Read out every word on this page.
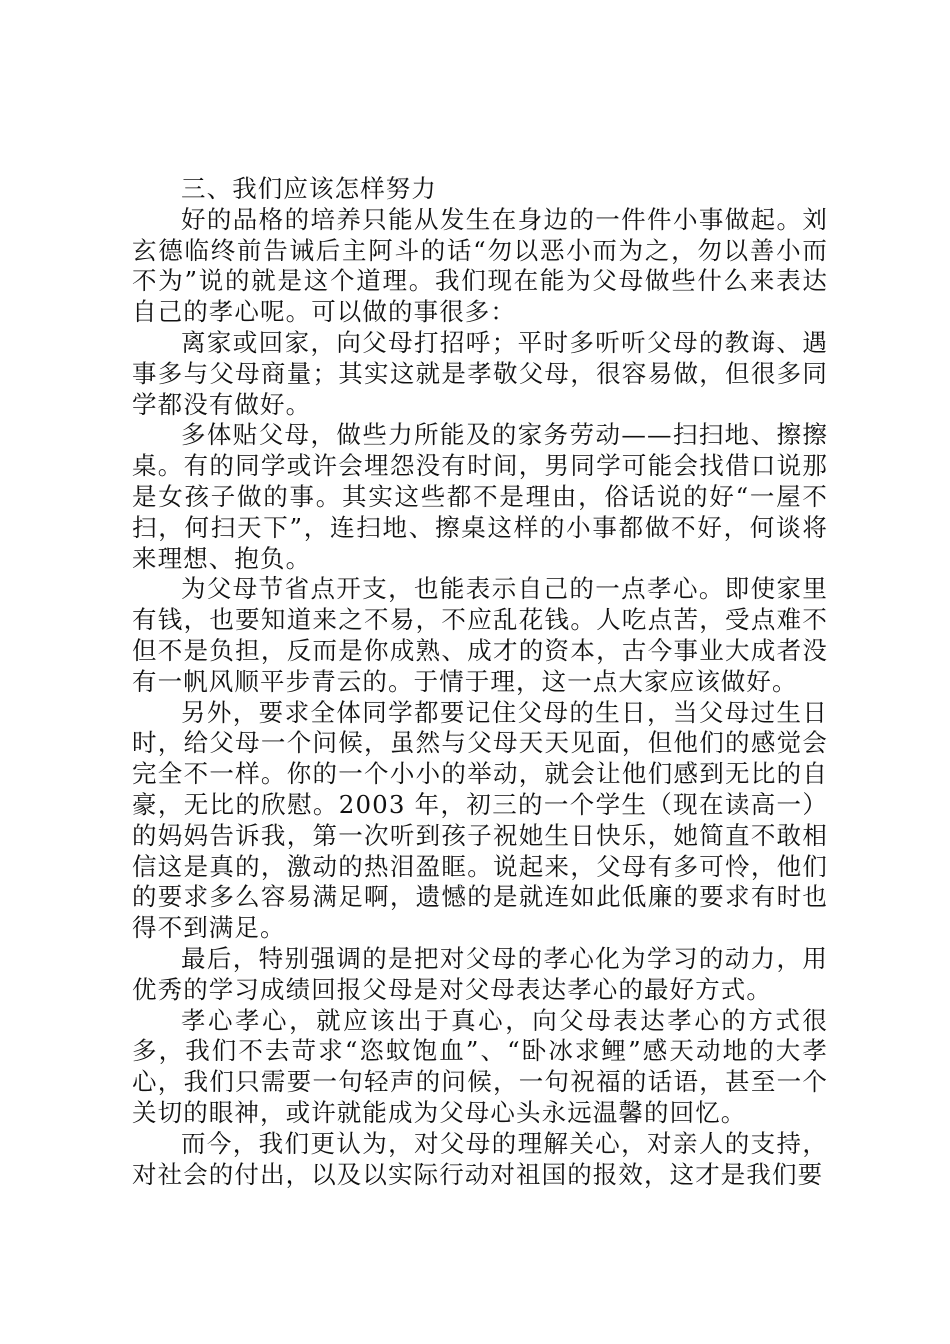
三、我们应该怎样努力

好的品格的培养只能从发生在身边的一件件小事做起。刘玄德临终前告诫后主阿斗的话“勿以恶小而为之，勿以善小而不为”说的就是这个道理。我们现在能为父母做些什么来表达自己的孝心呢。可以做的事很多：

离家或回家，向父母打招呼；平时多听听父母的教诲、遇事多与父母商量；其实这就是孝敬父母，很容易做，但很多同学都没有做好。

多体贴父母，做些力所能及的家务劳动——扫扫地、擦擦桌。有的同学或许会埋怨没有时间，男同学可能会找借口说那是女孩子做的事。其实这些都不是理由，俗话说的好“一屋不扫，何扫天下”，连扫地、擦桌这样的小事都做不好，何谈将来理想、抱负。

为父母节省点开支，也能表示自己的一点孝心。即使家里有钱，也要知道来之不易，不应乱花钱。人吃点苦，受点难不但不是负担，反而是你成熟、成才的资本，古今事业大成者没有一帆风顺平步青云的。于情于理，这一点大家应该做好。

另外，要求全体同学都要记住父母的生日，当父母过生日时，给父母一个问候，虽然与父母天天见面，但他们的感觉会完全不一样。你的一个小小的举动，就会让他们感到无比的自豪，无比的欣慰。2003 年，初三的一个学生（现在读高一）的妈妈告诉我，第一次听到孩子祝她生日快乐，她简直不敢相信这是真的，激动的热泪盈眶。说起来，父母有多可怜，他们的要求多么容易满足啊，遗憾的是就连如此低廉的要求有时也得不到满足。

最后，特别强调的是把对父母的孝心化为学习的动力，用优秀的学习成绩回报父母是对父母表达孝心的最好方式。

孝心孝心，就应该出于真心，向父母表达孝心的方式很多，我们不去苛求“恣蚊饱血”、“卧冰求鲤”感天动地的大孝心，我们只需要一句轻声的问候，一句祝福的话语，甚至一个关切的眼神，或许就能成为父母心头永远温馨的回忆。

而今，我们更认为，对父母的理解关心，对亲人的支持，对社会的付出，以及以实际行动对祖国的报效，这才是我们要
